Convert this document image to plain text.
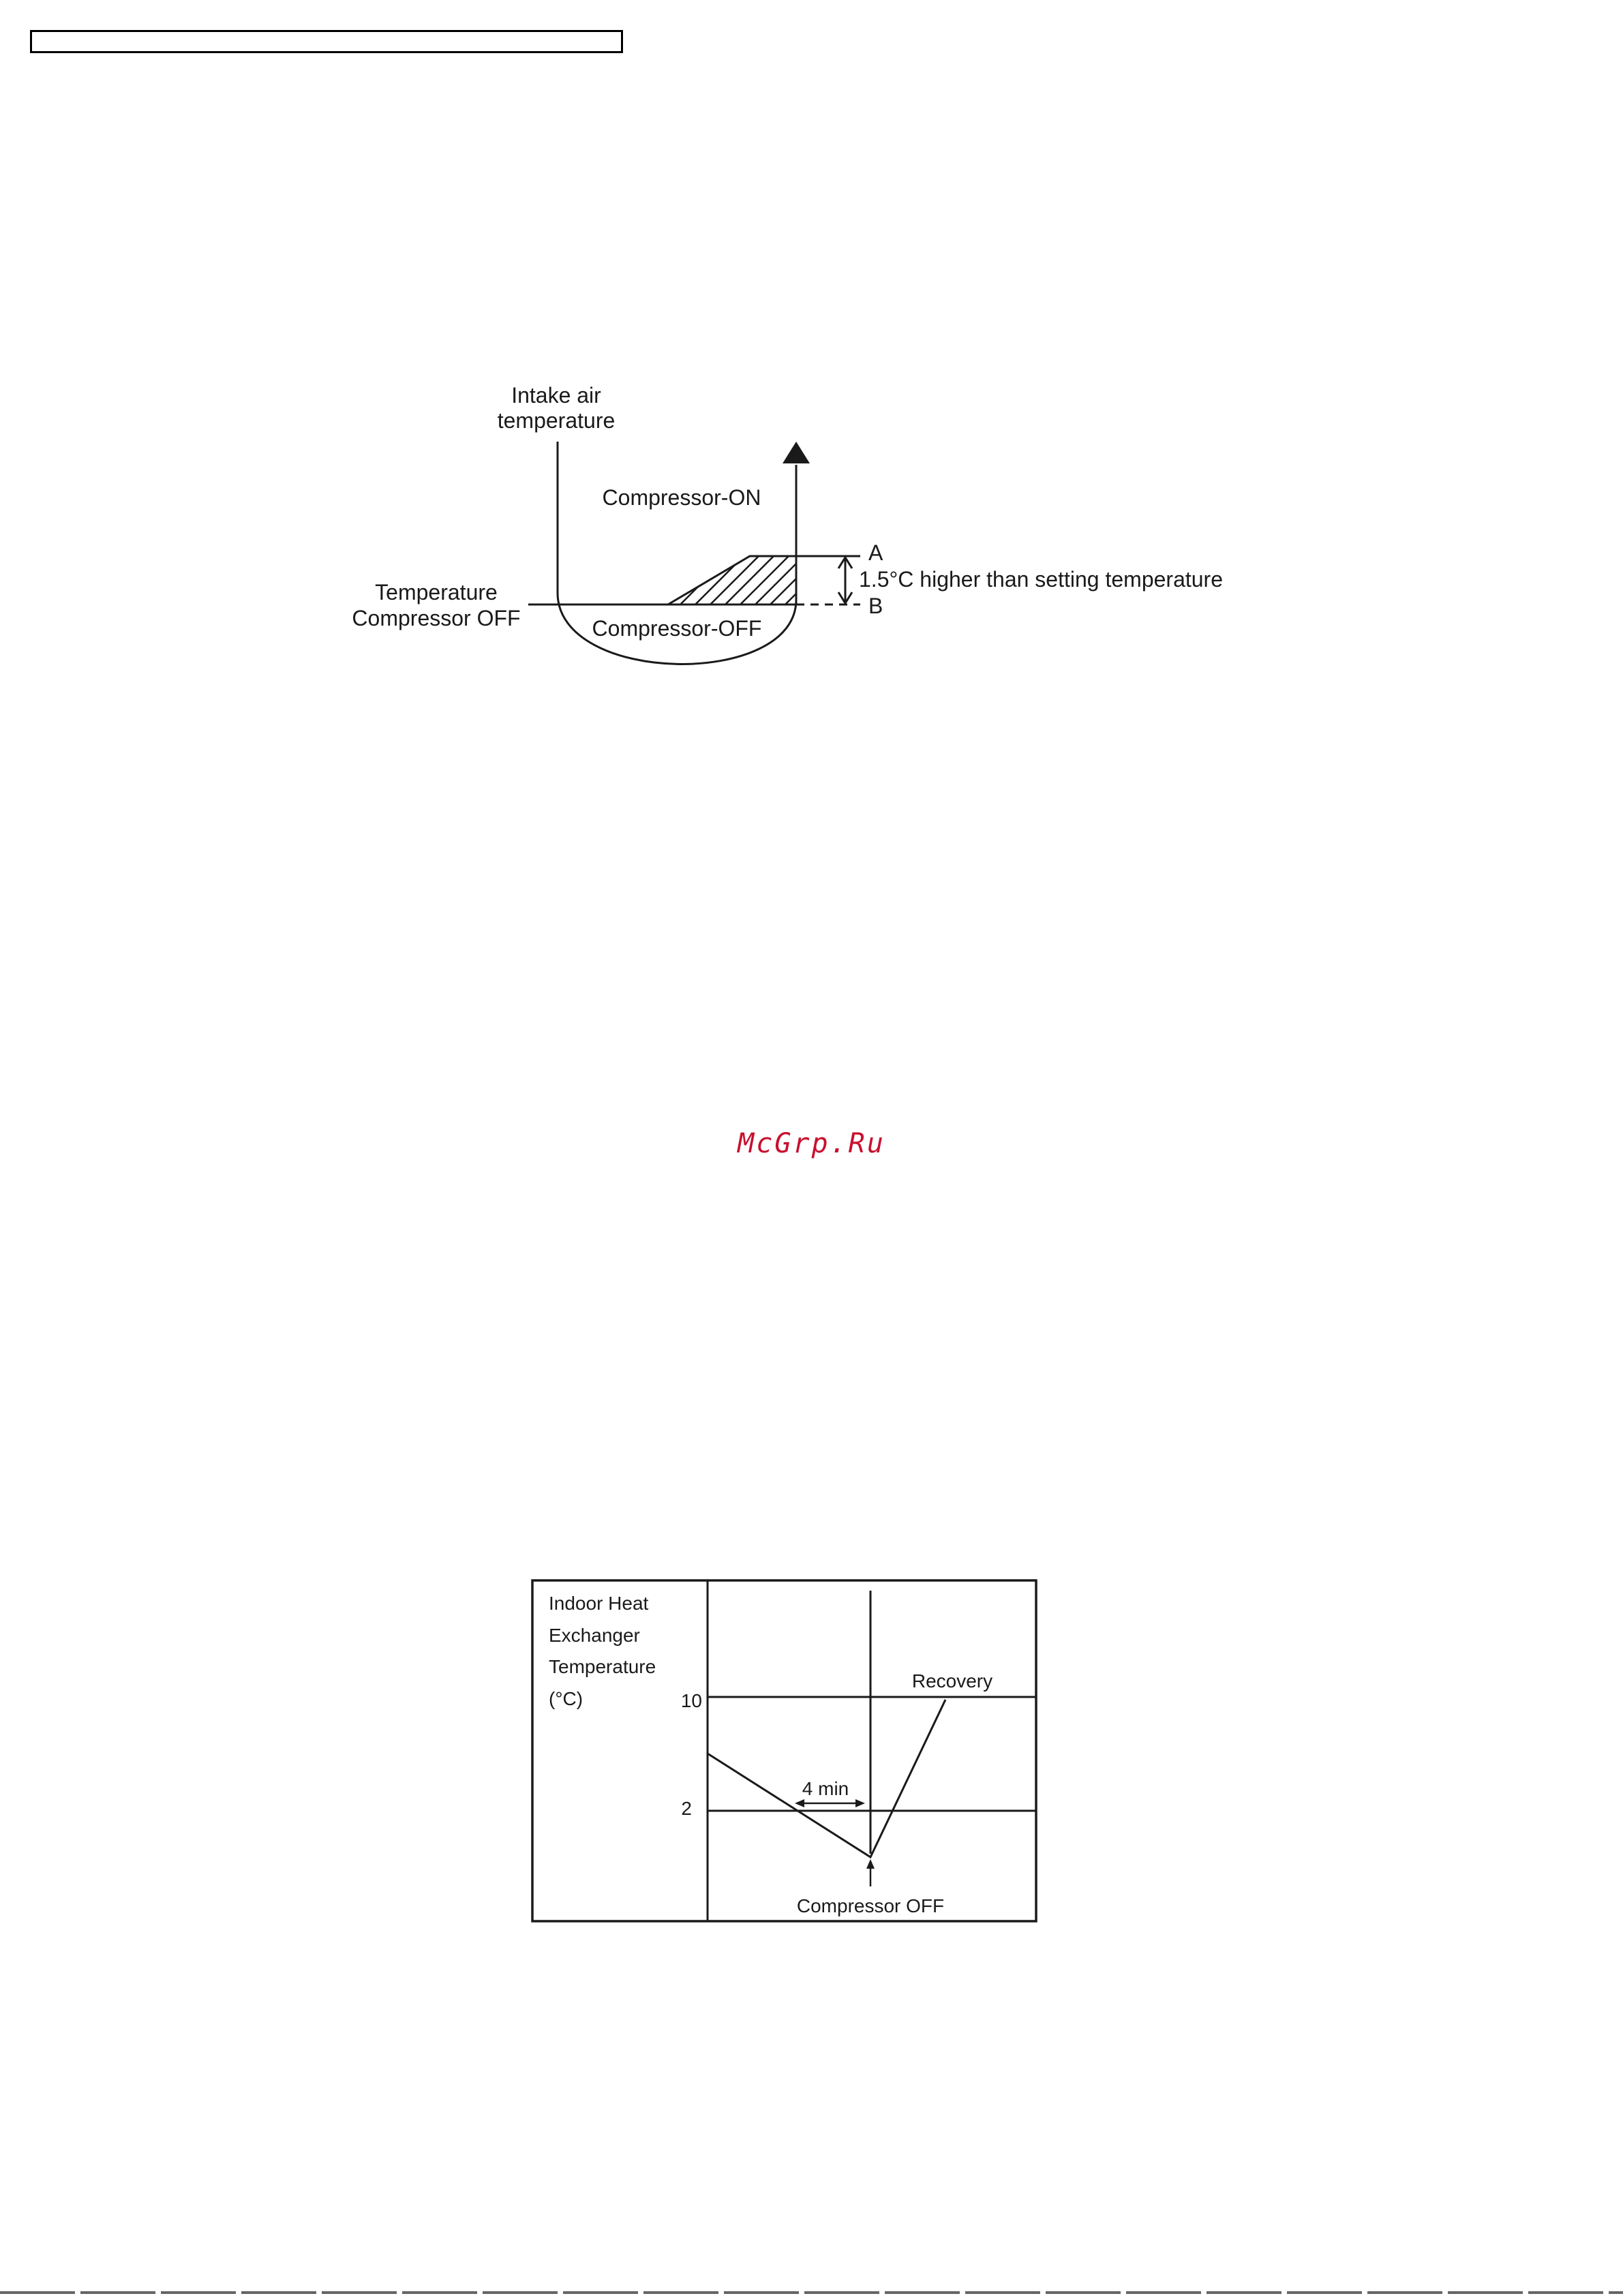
Intake air
temperature
Compressor-ON
Compressor-OFF
Temperature
Compressor OFF
A
B
1.5°C higher than setting temperature
McGrp.Ru
Indoor Heat
Exchanger
Temperature
(°C)	10
2
4 min
Recovery
Compressor OFF
